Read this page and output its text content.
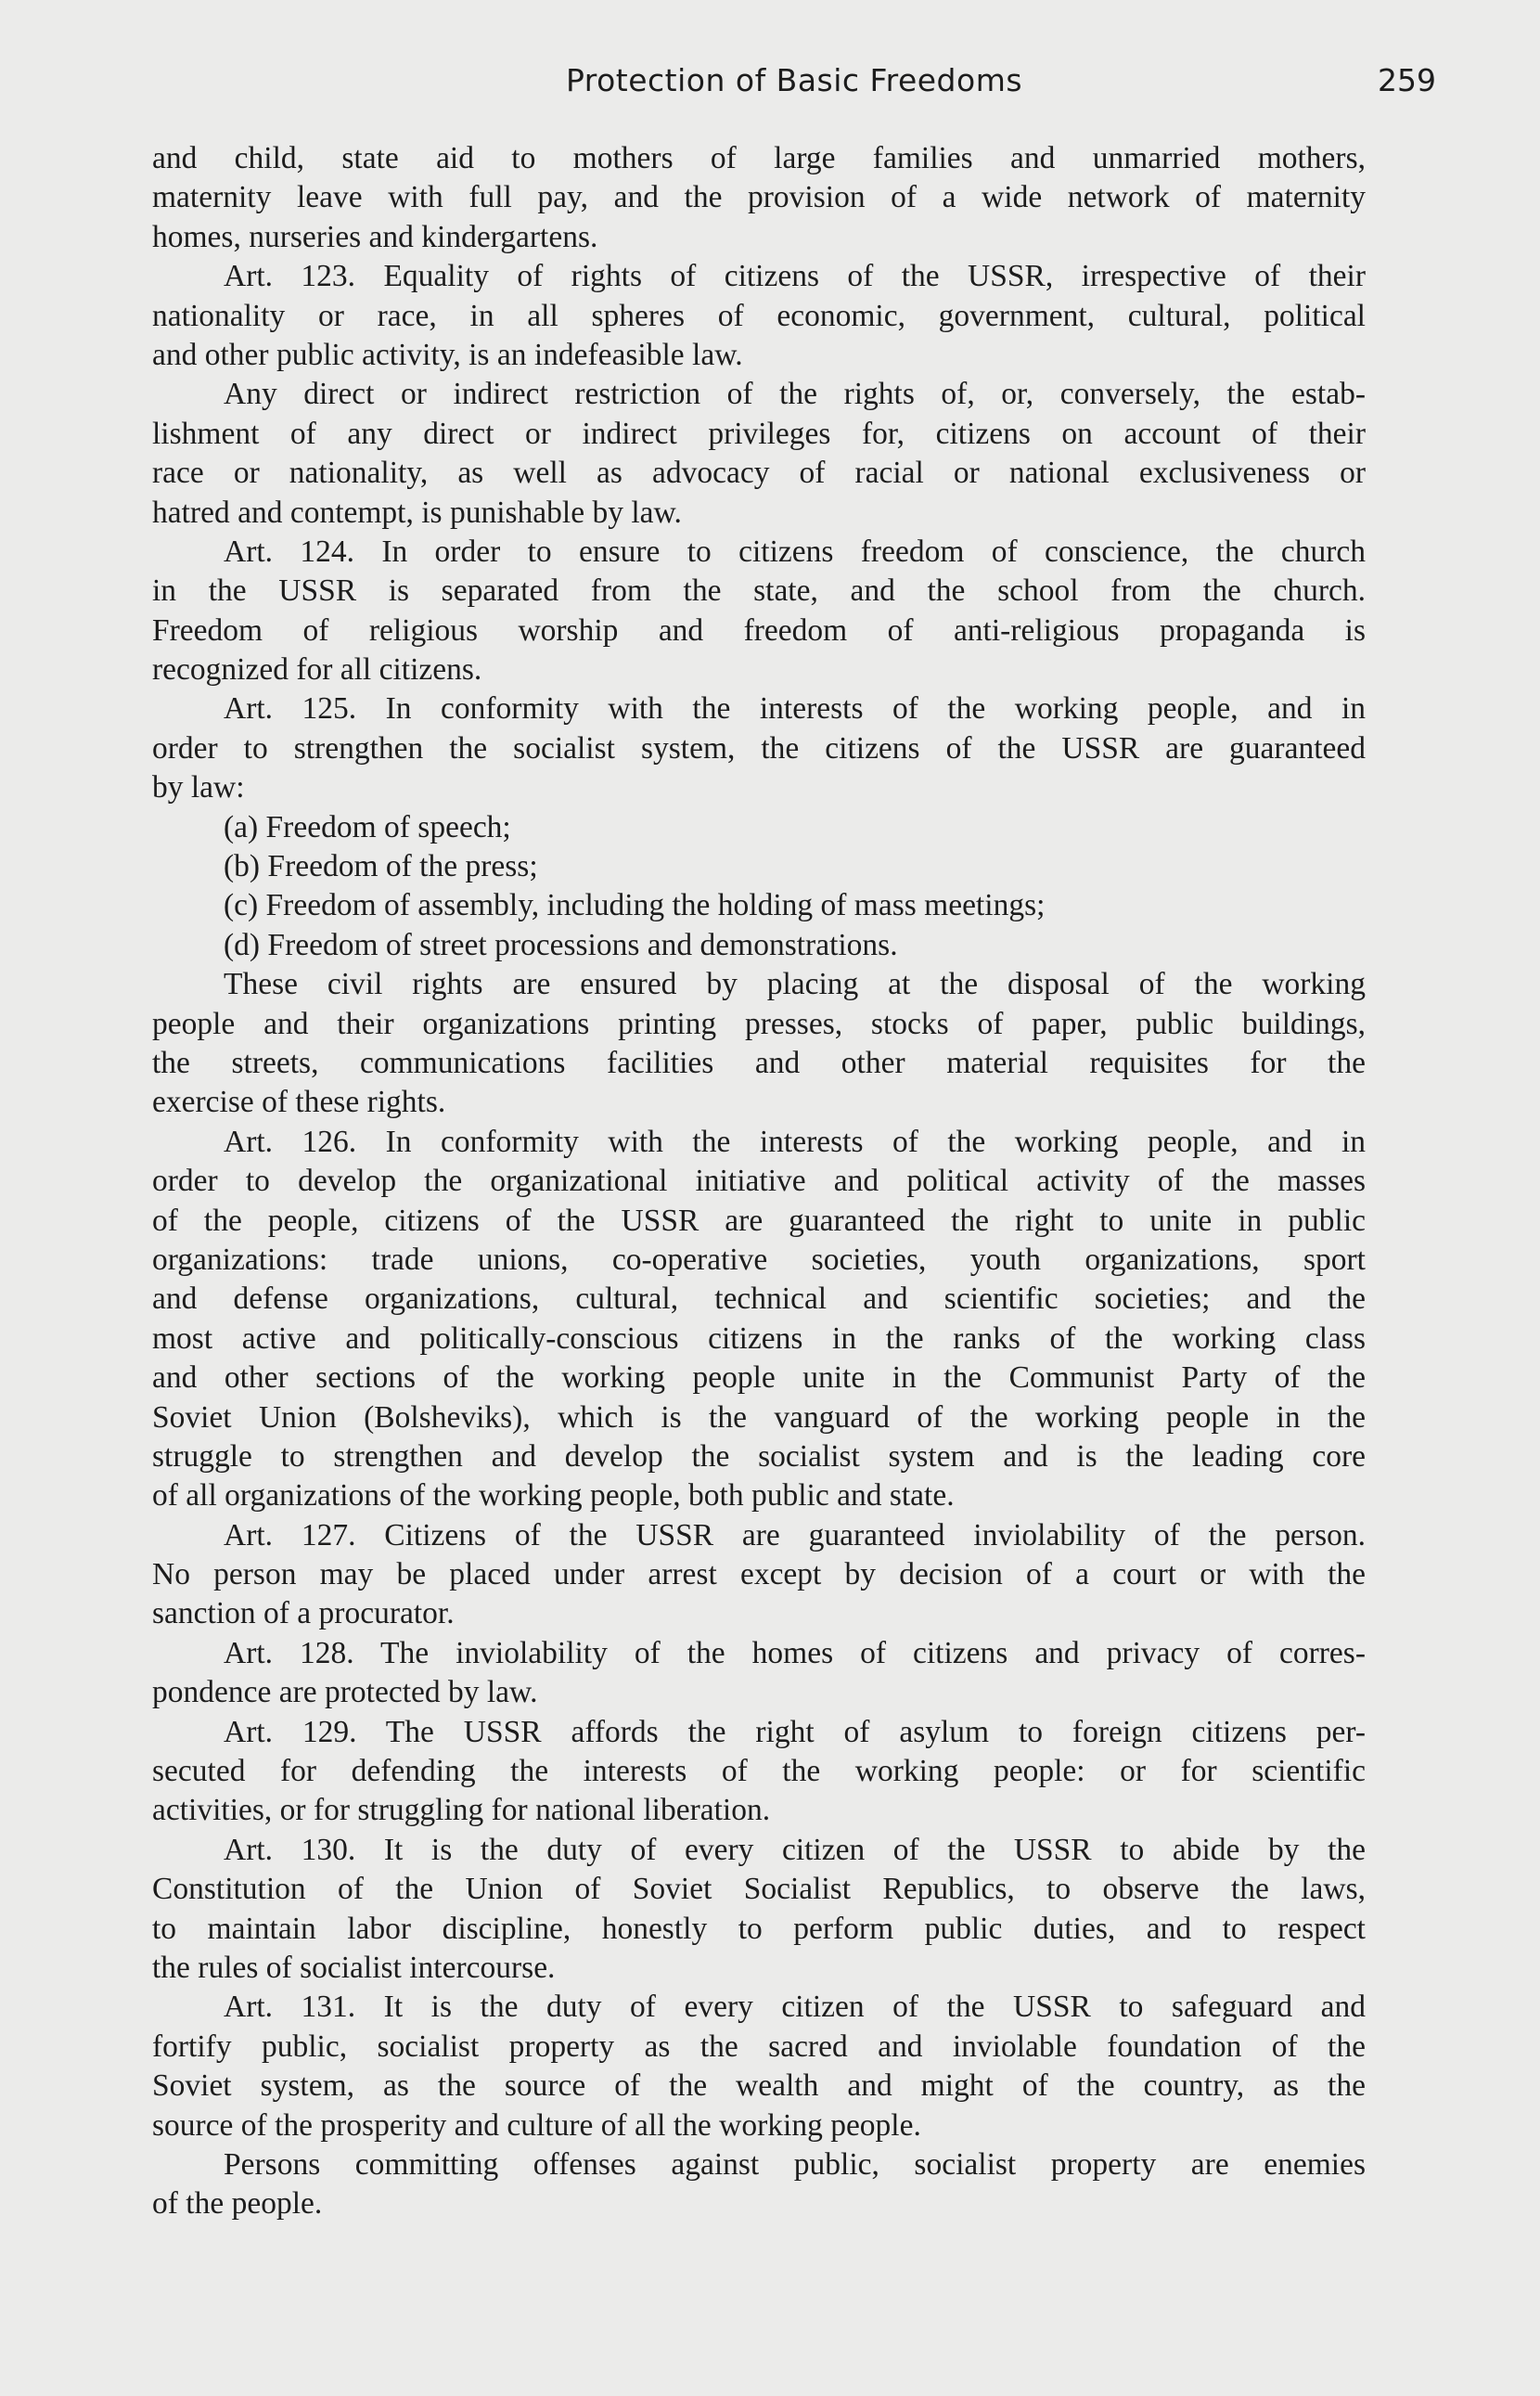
Protection of Basic Freedoms	259
and child, state aid to mothers of large families and unmarried mothers,
maternity leave with full pay, and the provision of a wide network of maternity
homes, nurseries and kindergartens.
Art. 123. Equality of rights of citizens of the USSR, irrespective of their
nationality or race, in all spheres of economic, government, cultural, political
and other public activity, is an indefeasible law.
Any direct or indirect restriction of the rights of, or, conversely, the estab-
lishment of any direct or indirect privileges for, citizens on account of their
race or nationality, as well as advocacy of racial or national exclusiveness or
hatred and contempt, is punishable by law.
Art. 124. In order to ensure to citizens freedom of conscience, the church
in the USSR is separated from the state, and the school from the church.
Freedom of religious worship and freedom of anti-religious propaganda is
recognized for all citizens.
Art. 125. In conformity with the interests of the working people, and in
order to strengthen the socialist system, the citizens of the USSR are guaranteed
by law:
(a) Freedom of speech;
(b) Freedom of the press;
(c) Freedom of assembly, including the holding of mass meetings;
(d) Freedom of street processions and demonstrations.
These civil rights are ensured by placing at the disposal of the working
people and their organizations printing presses, stocks of paper, public buildings,
the streets, communications facilities and other material requisites for the
exercise of these rights.
Art. 126. In conformity with the interests of the working people, and in
order to develop the organizational initiative and political activity of the masses
of the people, citizens of the USSR are guaranteed the right to unite in public
organizations: trade unions, co-operative societies, youth organizations, sport
and defense organizations, cultural, technical and scientific societies; and the
most active and politically-conscious citizens in the ranks of the working class
and other sections of the working people unite in the Communist Party of the
Soviet Union (Bolsheviks), which is the vanguard of the working people in the
struggle to strengthen and develop the socialist system and is the leading core
of all organizations of the working people, both public and state.
Art. 127. Citizens of the USSR are guaranteed inviolability of the person.
No person may be placed under arrest except by decision of a court or with the
sanction of a procurator.
Art. 128. The inviolability of the homes of citizens and privacy of corres-
pondence are protected by law.
Art. 129. The USSR affords the right of asylum to foreign citizens per-
secuted for defending the interests of the working people: or for scientific
activities, or for struggling for national liberation.
Art. 130. It is the duty of every citizen of the USSR to abide by the
Constitution of the Union of Soviet Socialist Republics, to observe the laws,
to maintain labor discipline, honestly to perform public duties, and to respect
the rules of socialist intercourse.
Art. 131. It is the duty of every citizen of the USSR to safeguard and
fortify public, socialist property as the sacred and inviolable foundation of the
Soviet system, as the source of the wealth and might of the country, as the
source of the prosperity and culture of all the working people.
Persons committing offenses against public, socialist property are enemies
of the people.
